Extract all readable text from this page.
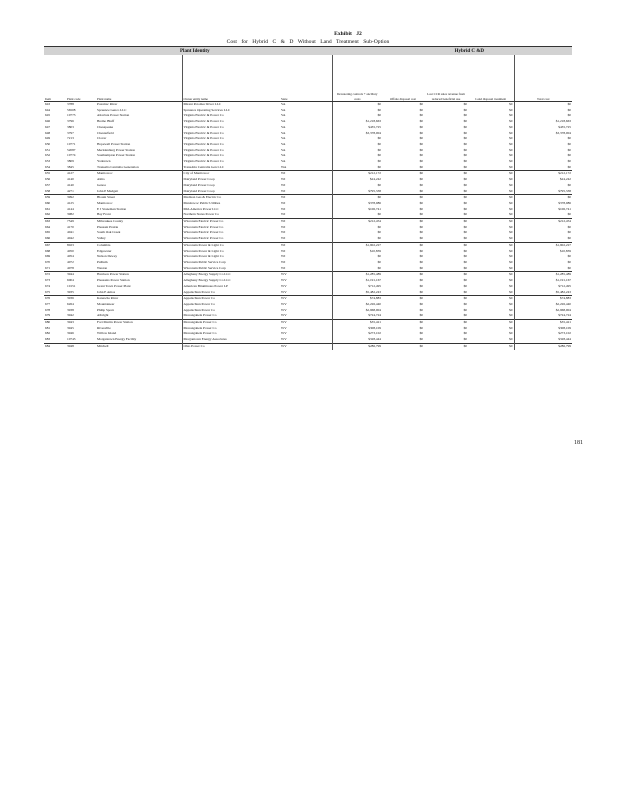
Exhibit J2
Cost for Hybrid C & D Without Land Treatment Sub-Option
Plant Identity	Hybrid C &D
Item	Plant code	Plant name	Owner entity name	State	Dewatering controls + ancillary costs	Offsite disposal cost	Lost CCR sales revenue from reduced beneficial use	Land disposal treatment	Total cost
643	3788	Potomac River	Mirant Potomac River LLC	VA	$0	$0	$0	$0	$0
644	56508	Spruance Genco LLC	Spruance Operating Services LLC	VA	$0	$0	$0	$0	$0
645	10773	Altavista Power Station	Virginia Electric & Power Co	VA	$0	$0	$0	$0	$0
646	3796	Bremo Bluff	Virginia Electric & Power Co	VA	$1,218,663	$0	$0	$0	$1,218,663
647	3803	Chesapeake	Virginia Electric & Power Co	VA	$435,725	$0	$0	$0	$435,725
648	3797	Chesterfield	Virginia Electric & Power Co	VA	$3,378,004	$0	$0	$0	$3,378,004
649	7213	Clover	Virginia Electric & Power Co	VA	$0	$0	$0	$0	$0
650	10771	Hopewell Power Station	Virginia Electric & Power Co	VA	$0	$0	$0	$0	$0
651	52087	Mecklenburg Power Station	Virginia Electric & Power Co	VA	$0	$0	$0	$0	$0
652	10774	Southampton Power Station	Virginia Electric & Power Co	VA	$0	$0	$0	$0	$0
653	3809	Yorktown	Virginia Electric & Power Co	VA	$0	$0	$0	$0	$0
654	3845	Transalta Centralia Generation	TransAlta Centralia Gen LLC	WA	$0	$0	$0	$0	$0
655	4127	Manitowoc	City of Manitowoc	WI	$212,172	$0	$0	$0	$212,172
656	4140	Alma	Dairyland Power Coop	WI	$24,242	$0	$0	$0	$24,242
657	4140	Genoa	Dairyland Power Coop	WI	$0	$0	$0	$0	$0
658	4271	John P Madgett	Dairyland Power Coop	WI	$795,338	$0	$0	$0	$795,338
659	3992	Blount Street	Madison Gas & Electric Co	WI	$0	$0	$0	$0	$0
660	4125	Manitowoc	Manitowoc Public Utilities	WI	$378,986	$0	$0	$0	$378,986
661	4144	E J Stoneman Station	Mid-America Power LLC	WI	$106,741	$0	$0	$0	$106,741
662	3982	Bay Front	Northern States Power Co	WI	$0	$0	$0	$0	$0
663	7549	Milwaukee County	Wisconsin Electric Power Co	WI	$212,454	$0	$0	$0	$212,454
664	4170	Pleasant Prairie	Wisconsin Electric Power Co	WI	$0	$0	$0	$0	$0
665	4041	South Oak Creek	Wisconsin Electric Power Co	WI	$0	$0	$0	$0	$0
666	4042	Valley	Wisconsin Electric Power Co	WI	$0	$0	$0	$0	$0
667	8023	Columbia	Wisconsin Power & Light Co	WI	$1,902,227	$0	$0	$0	$1,902,227
668	4050	Edgewater	Wisconsin Power & Light Co	WI	$10,839	$0	$0	$0	$10,839
669	4054	Nelson Dewey	Wisconsin Power & Light Co	WI	$0	$0	$0	$0	$0
670	4072	Pulliam	Wisconsin Public Service Corp	WI	$0	$0	$0	$0	$0
671	4078	Weston	Wisconsin Public Service Corp	WI	$0	$0	$0	$0	$0
672	3944	Harrison Power Station	Allegheny Energy Supply Co LLC	WV	$1,285,489	$0	$0	$0	$1,285,489
673	6004	Pleasants Power Station	Allegheny Energy Supply Co LLC	WV	$1,191,167	$0	$0	$0	$1,191,167
674	10151	Grant Town Power Plant	American Bituminous Power LP	WV	$712,495	$0	$0	$0	$712,495
675	3935	John E Amos	Appalachian Power Co	WV	$5,482,243	$0	$0	$0	$5,482,243
676	3936	Kanawha River	Appalachian Power Co	WV	$74,883	$0	$0	$0	$74,883
677	6264	Mountaineer	Appalachian Power Co	WV	$2,226,440	$0	$0	$0	$2,226,440
678	3938	Philip Sporn	Appalachian Power Co	WV	$2,968,904	$0	$0	$0	$2,968,904
679	3942	Albright	Monongahela Power Co	WV	$724,724	$0	$0	$0	$724,724
680	3943	Fort Martin Power Station	Monongahela Power Co	WV	$35,421	$0	$0	$0	$35,421
681	3945	Rivesville	Monongahela Power Co	WV	$308,109	$0	$0	$0	$308,109
682	3946	Willow Island	Monongahela Power Co	WV	$273,102	$0	$0	$0	$273,102
683	10743	Morgantown Energy Facility	Morgantown Energy Associates	WV	$328,444	$0	$0	$0	$328,444
684	3948	Mitchell	Ohio Power Co	WV	$286,799	$0	$0	$0	$286,799
181
